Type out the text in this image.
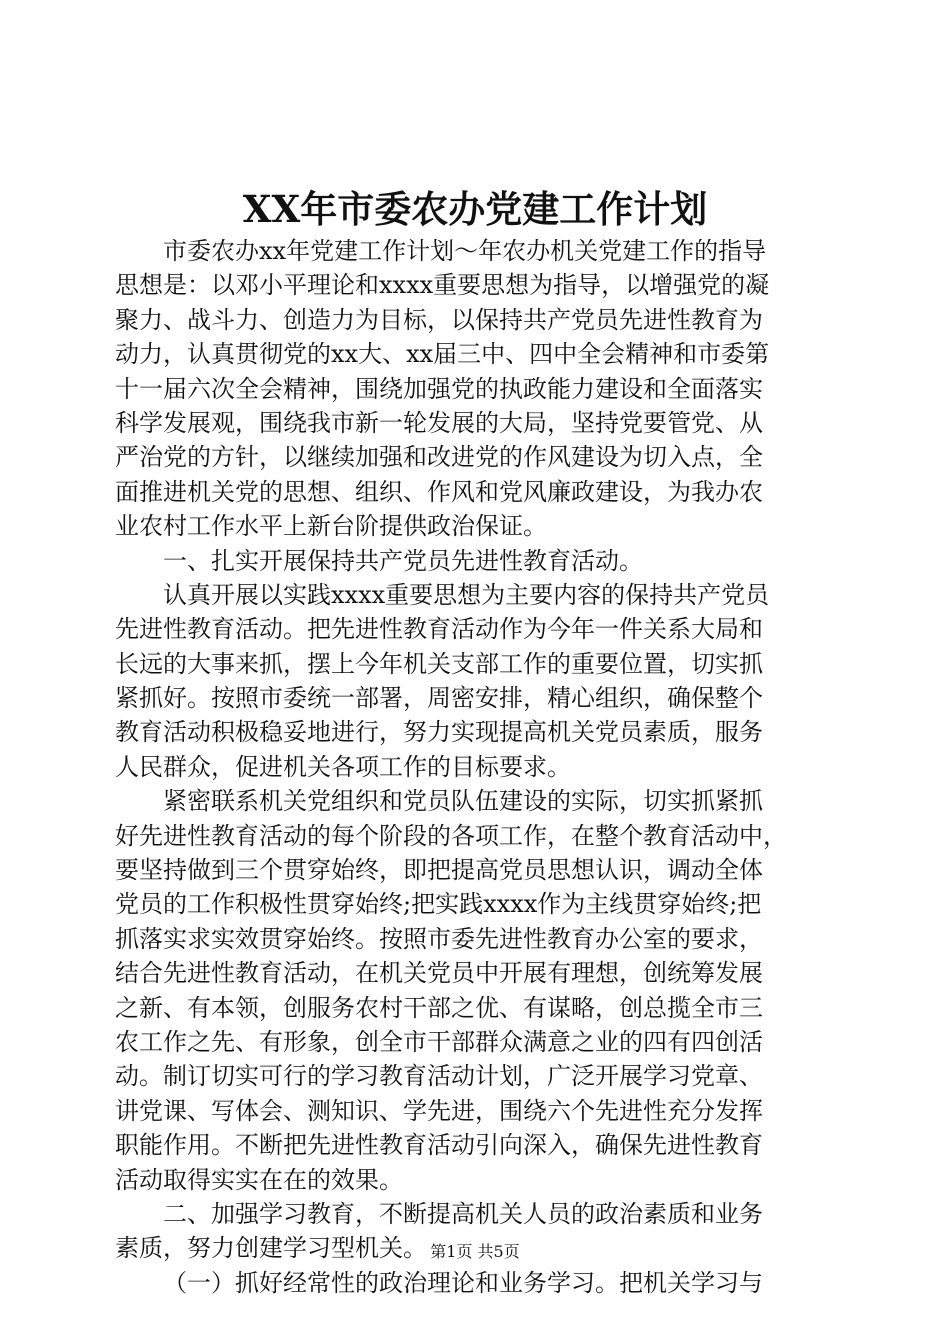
XX年市委农办党建工作计划
市委农办xx年党建工作计划～年农办机关党建工作的指导
思想是：以邓小平理论和xxxx重要思想为指导，以增强党的凝
聚力、战斗力、创造力为目标，以保持共产党员先进性教育为
动力，认真贯彻党的xx大、xx届三中、四中全会精神和市委第
十一届六次全会精神，围绕加强党的执政能力建设和全面落实
科学发展观，围绕我市新一轮发展的大局，坚持党要管党、从
严治党的方针，以继续加强和改进党的作风建设为切入点，全
面推进机关党的思想、组织、作风和党风廉政建设，为我办农
业农村工作水平上新台阶提供政治保证。
一、扎实开展保持共产党员先进性教育活动。
认真开展以实践xxxx重要思想为主要内容的保持共产党员
先进性教育活动。把先进性教育活动作为今年一件关系大局和
长远的大事来抓，摆上今年机关支部工作的重要位置，切实抓
紧抓好。按照市委统一部署，周密安排，精心组织，确保整个
教育活动积极稳妥地进行，努力实现提高机关党员素质，服务
人民群众，促进机关各项工作的目标要求。
紧密联系机关党组织和党员队伍建设的实际，切实抓紧抓
好先进性教育活动的每个阶段的各项工作，在整个教育活动中，
要坚持做到三个贯穿始终，即把提高党员思想认识，调动全体
党员的工作积极性贯穿始终;把实践xxxx作为主线贯穿始终;把
抓落实求实效贯穿始终。按照市委先进性教育办公室的要求，
结合先进性教育活动，在机关党员中开展有理想，创统筹发展
之新、有本领，创服务农村干部之优、有谋略，创总揽全市三
农工作之先、有形象，创全市干部群众满意之业的四有四创活
动。制订切实可行的学习教育活动计划，广泛开展学习党章、
讲党课、写体会、测知识、学先进，围绕六个先进性充分发挥
职能作用。不断把先进性教育活动引向深入，确保先进性教育
活动取得实实在在的效果。
二、加强学习教育，不断提高机关人员的政治素质和业务
素质，努力创建学习型机关。
（一）抓好经常性的政治理论和业务学习。把机关学习与
第1页 共5页
